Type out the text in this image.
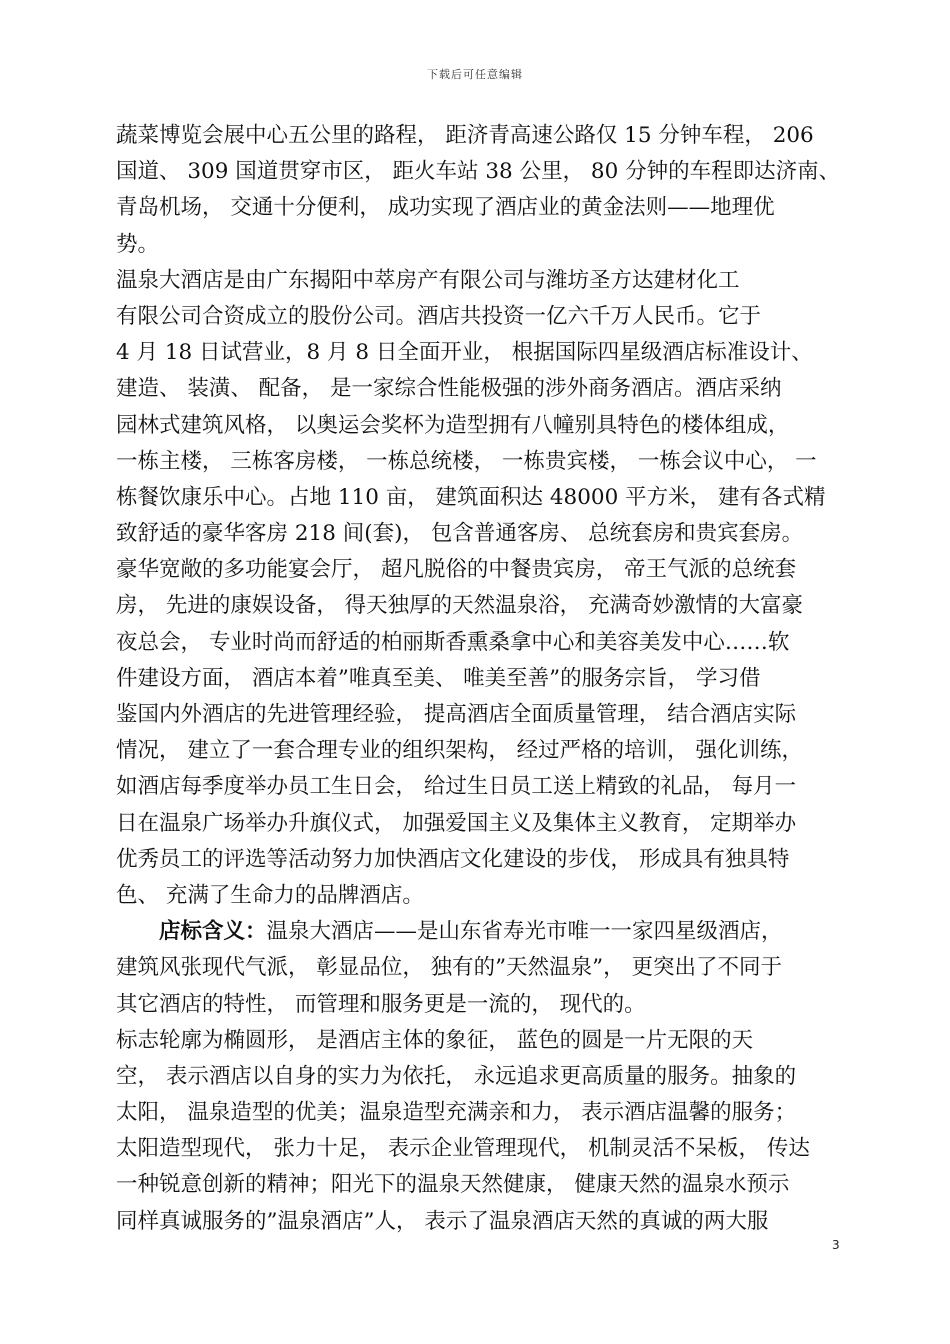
下载后可任意编辑
蔬菜博览会展中心五公里的路程， 距济青高速公路仅 15 分钟车程， 206
国道、 309 国道贯穿市区， 距火车站 38 公里， 80 分钟的车程即达济南、
青岛机场， 交通十分便利， 成功实现了酒店业的黄金法则——地理优
势。
温泉大酒店是由广东揭阳中萃房产有限公司与潍坊圣方达建材化工
有限公司合资成立的股份公司。酒店共投资一亿六千万人民币。它于
4 月 18 日试营业，8 月 8 日全面开业， 根据国际四星级酒店标准设计、
建造、 装潢、 配备， 是一家综合性能极强的涉外商务酒店。酒店采纳
园林式建筑风格， 以奥运会奖杯为造型拥有八幢别具特色的楼体组成，
一栋主楼， 三栋客房楼， 一栋总统楼， 一栋贵宾楼， 一栋会议中心， 一
栋餐饮康乐中心。占地 110 亩， 建筑面积达 48000 平方米， 建有各式精
致舒适的豪华客房 218 间(套)， 包含普通客房、 总统套房和贵宾套房。
豪华宽敞的多功能宴会厅， 超凡脱俗的中餐贵宾房， 帝王气派的总统套
房， 先进的康娱设备， 得天独厚的天然温泉浴， 充满奇妙激情的大富豪
夜总会， 专业时尚而舒适的柏丽斯香熏桑拿中心和美容美发中心……软
件建设方面， 酒店本着”唯真至美、 唯美至善”的服务宗旨， 学习借
鉴国内外酒店的先进管理经验， 提高酒店全面质量管理， 结合酒店实际
情况， 建立了一套合理专业的组织架构， 经过严格的培训， 强化训练，
如酒店每季度举办员工生日会， 给过生日员工送上精致的礼品， 每月一
日在温泉广场举办升旗仪式， 加强爱国主义及集体主义教育， 定期举办
优秀员工的评选等活动努力加快酒店文化建设的步伐， 形成具有独具特
色、 充满了生命力的品牌酒店。
　　店标含义：温泉大酒店——是山东省寿光市唯一一家四星级酒店，
建筑风张现代气派， 彰显品位， 独有的”天然温泉”， 更突出了不同于
其它酒店的特性， 而管理和服务更是一流的， 现代的。
标志轮廓为椭圆形， 是酒店主体的象征， 蓝色的圆是一片无限的天
空， 表示酒店以自身的实力为依托， 永远追求更高质量的服务。抽象的
太阳， 温泉造型的优美；温泉造型充满亲和力， 表示酒店温馨的服务；
太阳造型现代， 张力十足， 表示企业管理现代， 机制灵活不呆板， 传达
一种锐意创新的精神；阳光下的温泉天然健康， 健康天然的温泉水预示
同样真诚服务的”温泉酒店”人， 表示了温泉酒店天然的真诚的两大服
3
